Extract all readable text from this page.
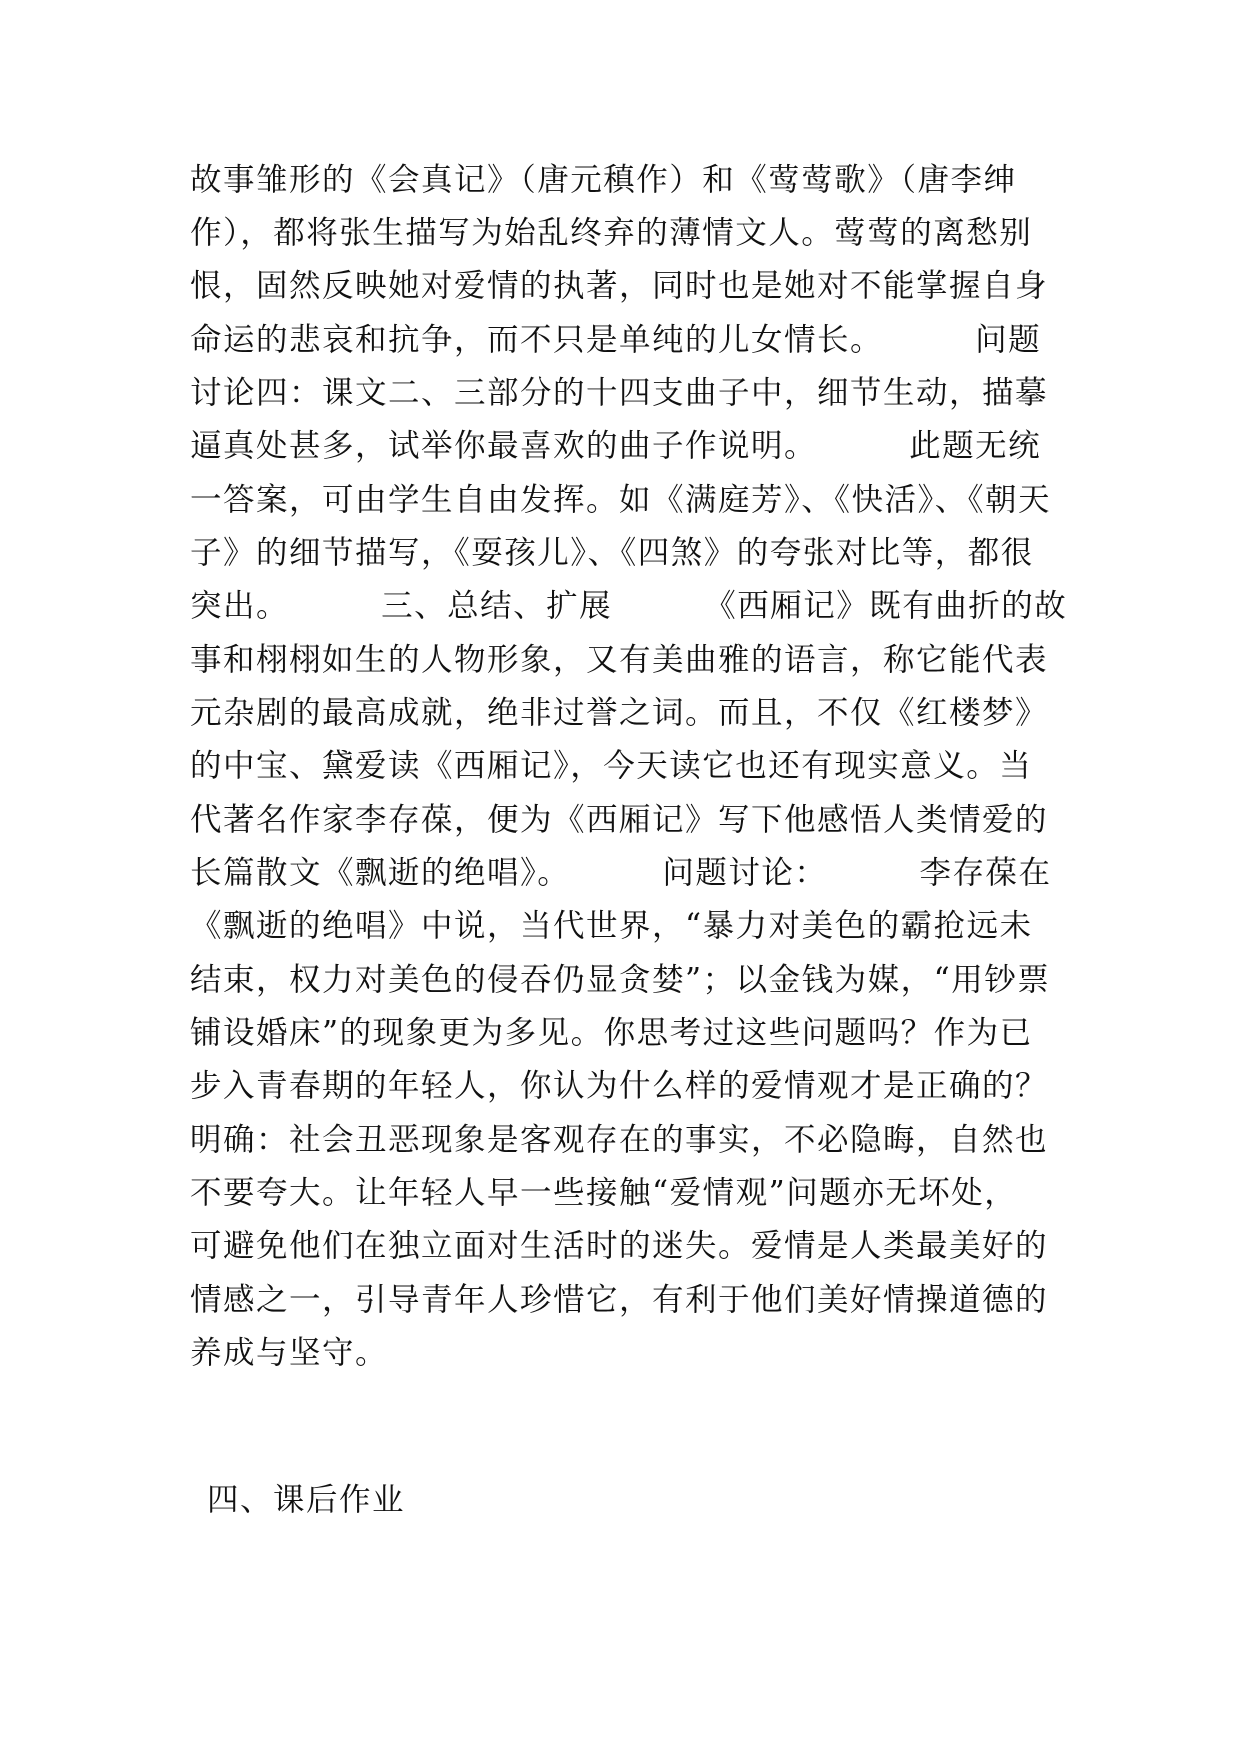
故事雏形的《会真记》（唐元稹作）和《莺莺歌》（唐李绅
作），都将张生描写为始乱终弃的薄情文人。莺莺的离愁别
恨，固然反映她对爱情的执著，同时也是她对不能掌握自身
命运的悲哀和抗争，而不只是单纯的儿女情长。        问题
讨论四：课文二、三部分的十四支曲子中，细节生动，描摹
逼真处甚多，试举你最喜欢的曲子作说明。        此题无统
一答案，可由学生自由发挥。如《满庭芳》、《快活》、《朝天
子》的细节描写，《耍孩儿》、《四煞》的夸张对比等，都很
突出。        三、总结、扩展        《西厢记》既有曲折的故
事和栩栩如生的人物形象，又有美曲雅的语言，称它能代表
元杂剧的最高成就，绝非过誉之词。而且，不仅《红楼梦》
的中宝、黛爱读《西厢记》，今天读它也还有现实意义。当
代著名作家李存葆，便为《西厢记》写下他感悟人类情爱的
长篇散文《飘逝的绝唱》。        问题讨论：        李存葆在
《飘逝的绝唱》中说，当代世界，“暴力对美色的霸抢远未
结束，权力对美色的侵吞仍显贪婪”；以金钱为媒，“用钞票
铺设婚床”的现象更为多见。你思考过这些问题吗？作为已
步入青春期的年轻人，你认为什么样的爱情观才是正确的？
明确：社会丑恶现象是客观存在的事实，不必隐晦，自然也
不要夸大。让年轻人早一些接触“爱情观”问题亦无坏处，
可避免他们在独立面对生活时的迷失。爱情是人类最美好的
情感之一，引导青年人珍惜它，有利于他们美好情操道德的
养成与坚守。
四、课后作业
